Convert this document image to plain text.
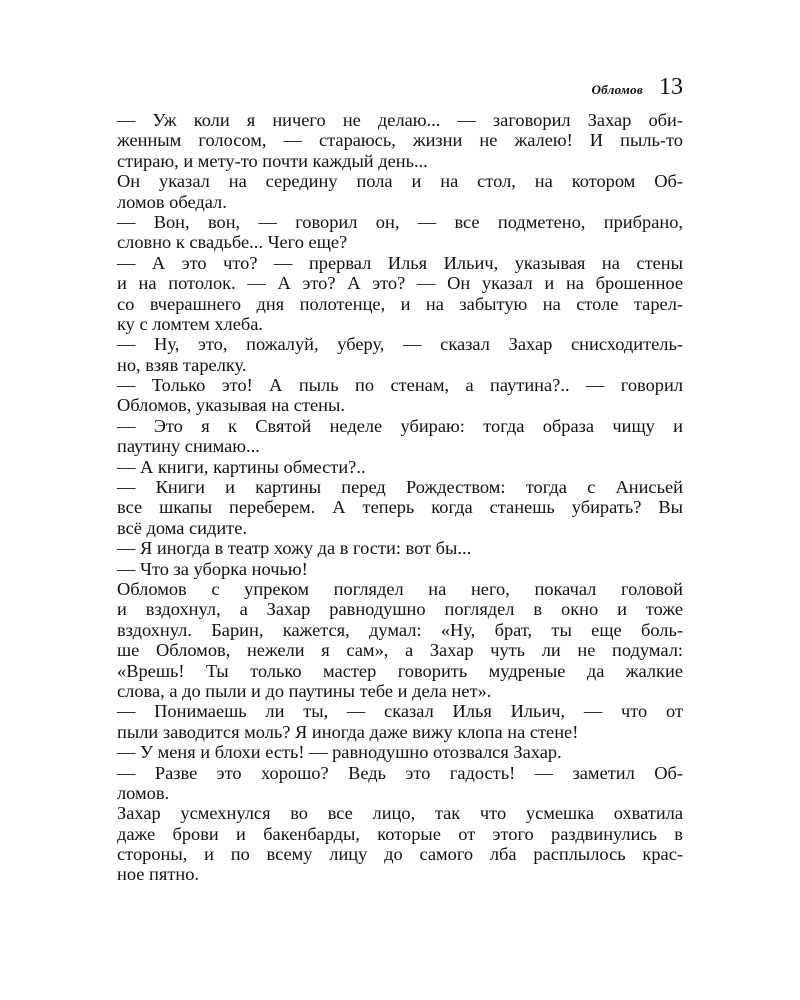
Обломов 13
— Уж коли я ничего не делаю... — заговорил Захар оби-
женным голосом, — стараюсь, жизни не жалею! И пыль-то
стираю, и мету-то почти каждый день...
Он указал на середину пола и на стол, на котором Об-
ломов обедал.
— Вон, вон, — говорил он, — все подметено, прибрано,
словно к свадьбе... Чего еще?
— А это что? — прервал Илья Ильич, указывая на стены
и на потолок. — А это? А это? — Он указал и на брошенное
со вчерашнего дня полотенце, и на забытую на столе тарел-
ку с ломтем хлеба.
— Ну, это, пожалуй, уберу, — сказал Захар снисходитель-
но, взяв тарелку.
— Только это! А пыль по стенам, а паутина?.. — говорил
Обломов, указывая на стены.
— Это я к Святой неделе убираю: тогда образа чищу и
паутину снимаю...
— А книги, картины обмести?..
— Книги и картины перед Рождеством: тогда с Анисьей
все шкапы переберем. А теперь когда станешь убирать? Вы
всё дома сидите.
— Я иногда в театр хожу да в гости: вот бы...
— Что за уборка ночью!
Обломов с упреком поглядел на него, покачал головой
и вздохнул, а Захар равнодушно поглядел в окно и тоже
вздохнул. Барин, кажется, думал: «Ну, брат, ты еще боль-
ше Обломов, нежели я сам», а Захар чуть ли не подумал:
«Врешь! Ты только мастер говорить мудреные да жалкие
слова, а до пыли и до паутины тебе и дела нет».
— Понимаешь ли ты, — сказал Илья Ильич, — что от
пыли заводится моль? Я иногда даже вижу клопа на стене!
— У меня и блохи есть! — равнодушно отозвался Захар.
— Разве это хорошо? Ведь это гадость! — заметил Об-
ломов.
Захар усмехнулся во все лицо, так что усмешка охватила
даже брови и бакенбарды, которые от этого раздвинулись в
стороны, и по всему лицу до самого лба расплылось крас-
ное пятно.
